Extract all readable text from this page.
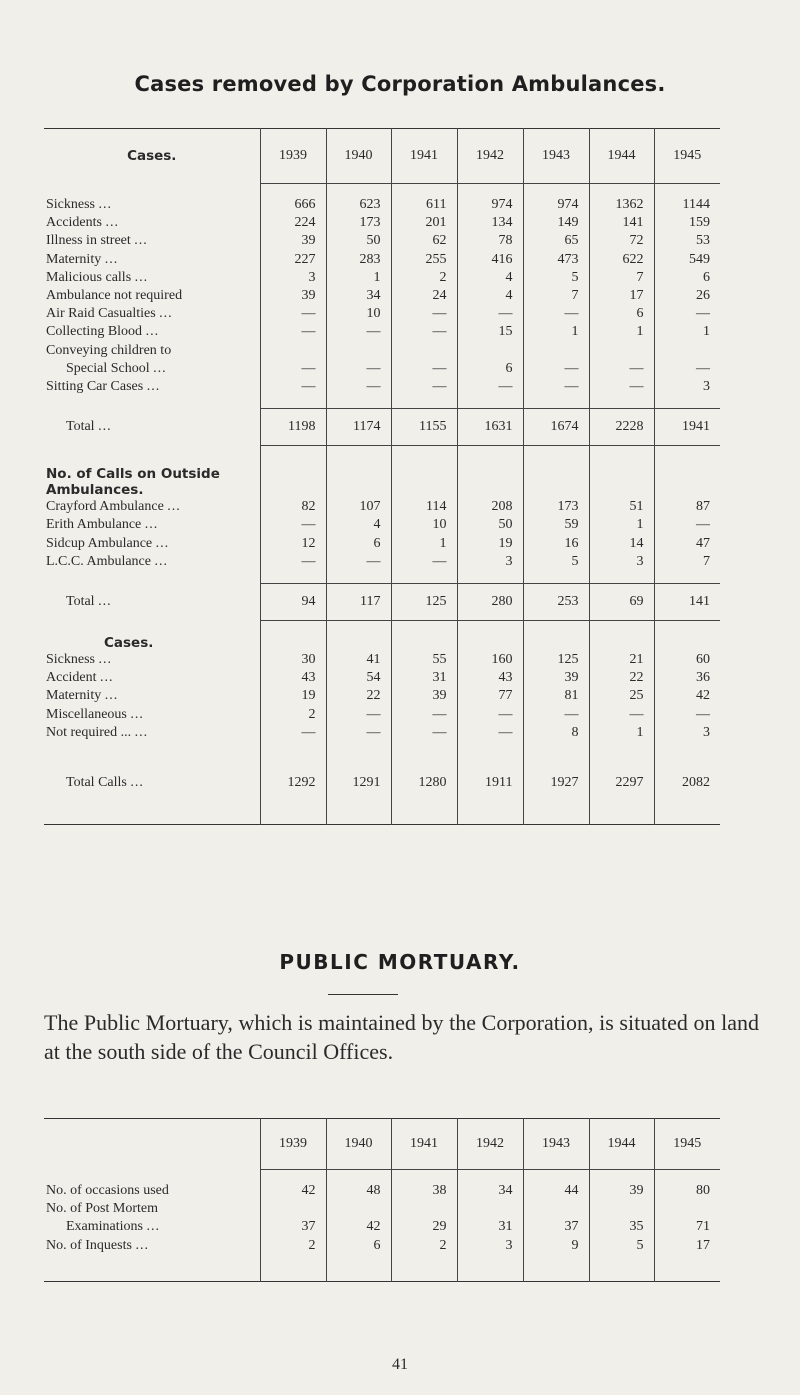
Cases removed by Corporation Ambulances.
Cases.	1939	1940	1941	1942	1943	1944	1945

Sickness ...	666	623	611	974	974	1362	1144
Accidents ...	224	173	201	134	149	141	159
Illness in street ...	39	50	62	78	65	72	53
Maternity ...	227	283	255	416	473	622	549
Malicious calls ...	3	1	2	4	5	7	6
Ambulance not required	39	34	24	4	7	17	26
Air Raid Casualties ...	—	10	—	—	—	6	—
Collecting Blood ...	—	—	—	15	1	1	1
Conveying children to							
Special School ...	—	—	—	6	—	—	—
Sitting Car Cases ...	—	—	—	—	—	—	3

Total ...	1198	1174	1155	1631	1674	2228	1941

No. of Calls on Outside Ambulances.							
Crayford Ambulance ...	82	107	114	208	173	51	87
Erith Ambulance ...	—	4	10	50	59	1	—
Sidcup Ambulance ...	12	6	1	19	16	14	47
L.C.C. Ambulance ...	—	—	—	3	5	3	7

Total ...	94	117	125	280	253	69	141
Cases.							
Sickness ...	30	41	55	160	125	21	60
Accident ...	43	54	31	43	39	22	36
Maternity ...	19	22	39	77	81	25	42
Miscellaneous ...	2	—	—	—	—	—	—
Not required ... ...	—	—	—	—	8	1	3

Total Calls ...	1292	1291	1280	1911	1927	2297	2082

PUBLIC MORTUARY.
The Public Mortuary, which is maintained by the Corporation, is situated on land at the south side of the Council Offices.
	1939	1940	1941	1942	1943	1944	1945

No. of occasions used	42	48	38	34	44	39	80
No. of Post Mortem							
Examinations ...	37	42	29	31	37	35	71
No. of Inquests ...	2	6	2	3	9	5	17

41
